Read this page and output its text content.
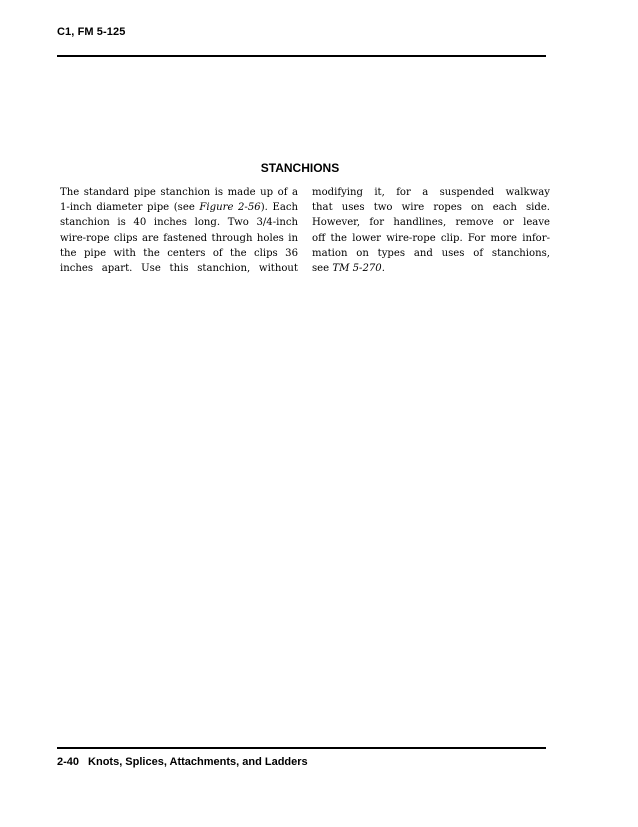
C1, FM 5-125
STANCHIONS
The standard pipe stanchion is made up of a
1-inch diameter pipe (see Figure 2-56). Each
stanchion is 40 inches long. Two 3/4-inch
wire-rope clips are fastened through holes in
the pipe with the centers of the clips 36
inches apart. Use this stanchion, without
modifying it, for a suspended walkway
that uses two wire ropes on each side.
However, for handlines, remove or leave
off the lower wire-rope clip. For more infor-
mation on types and uses of stanchions,
see TM 5-270.
2-40 Knots, Splices, Attachments, and Ladders
